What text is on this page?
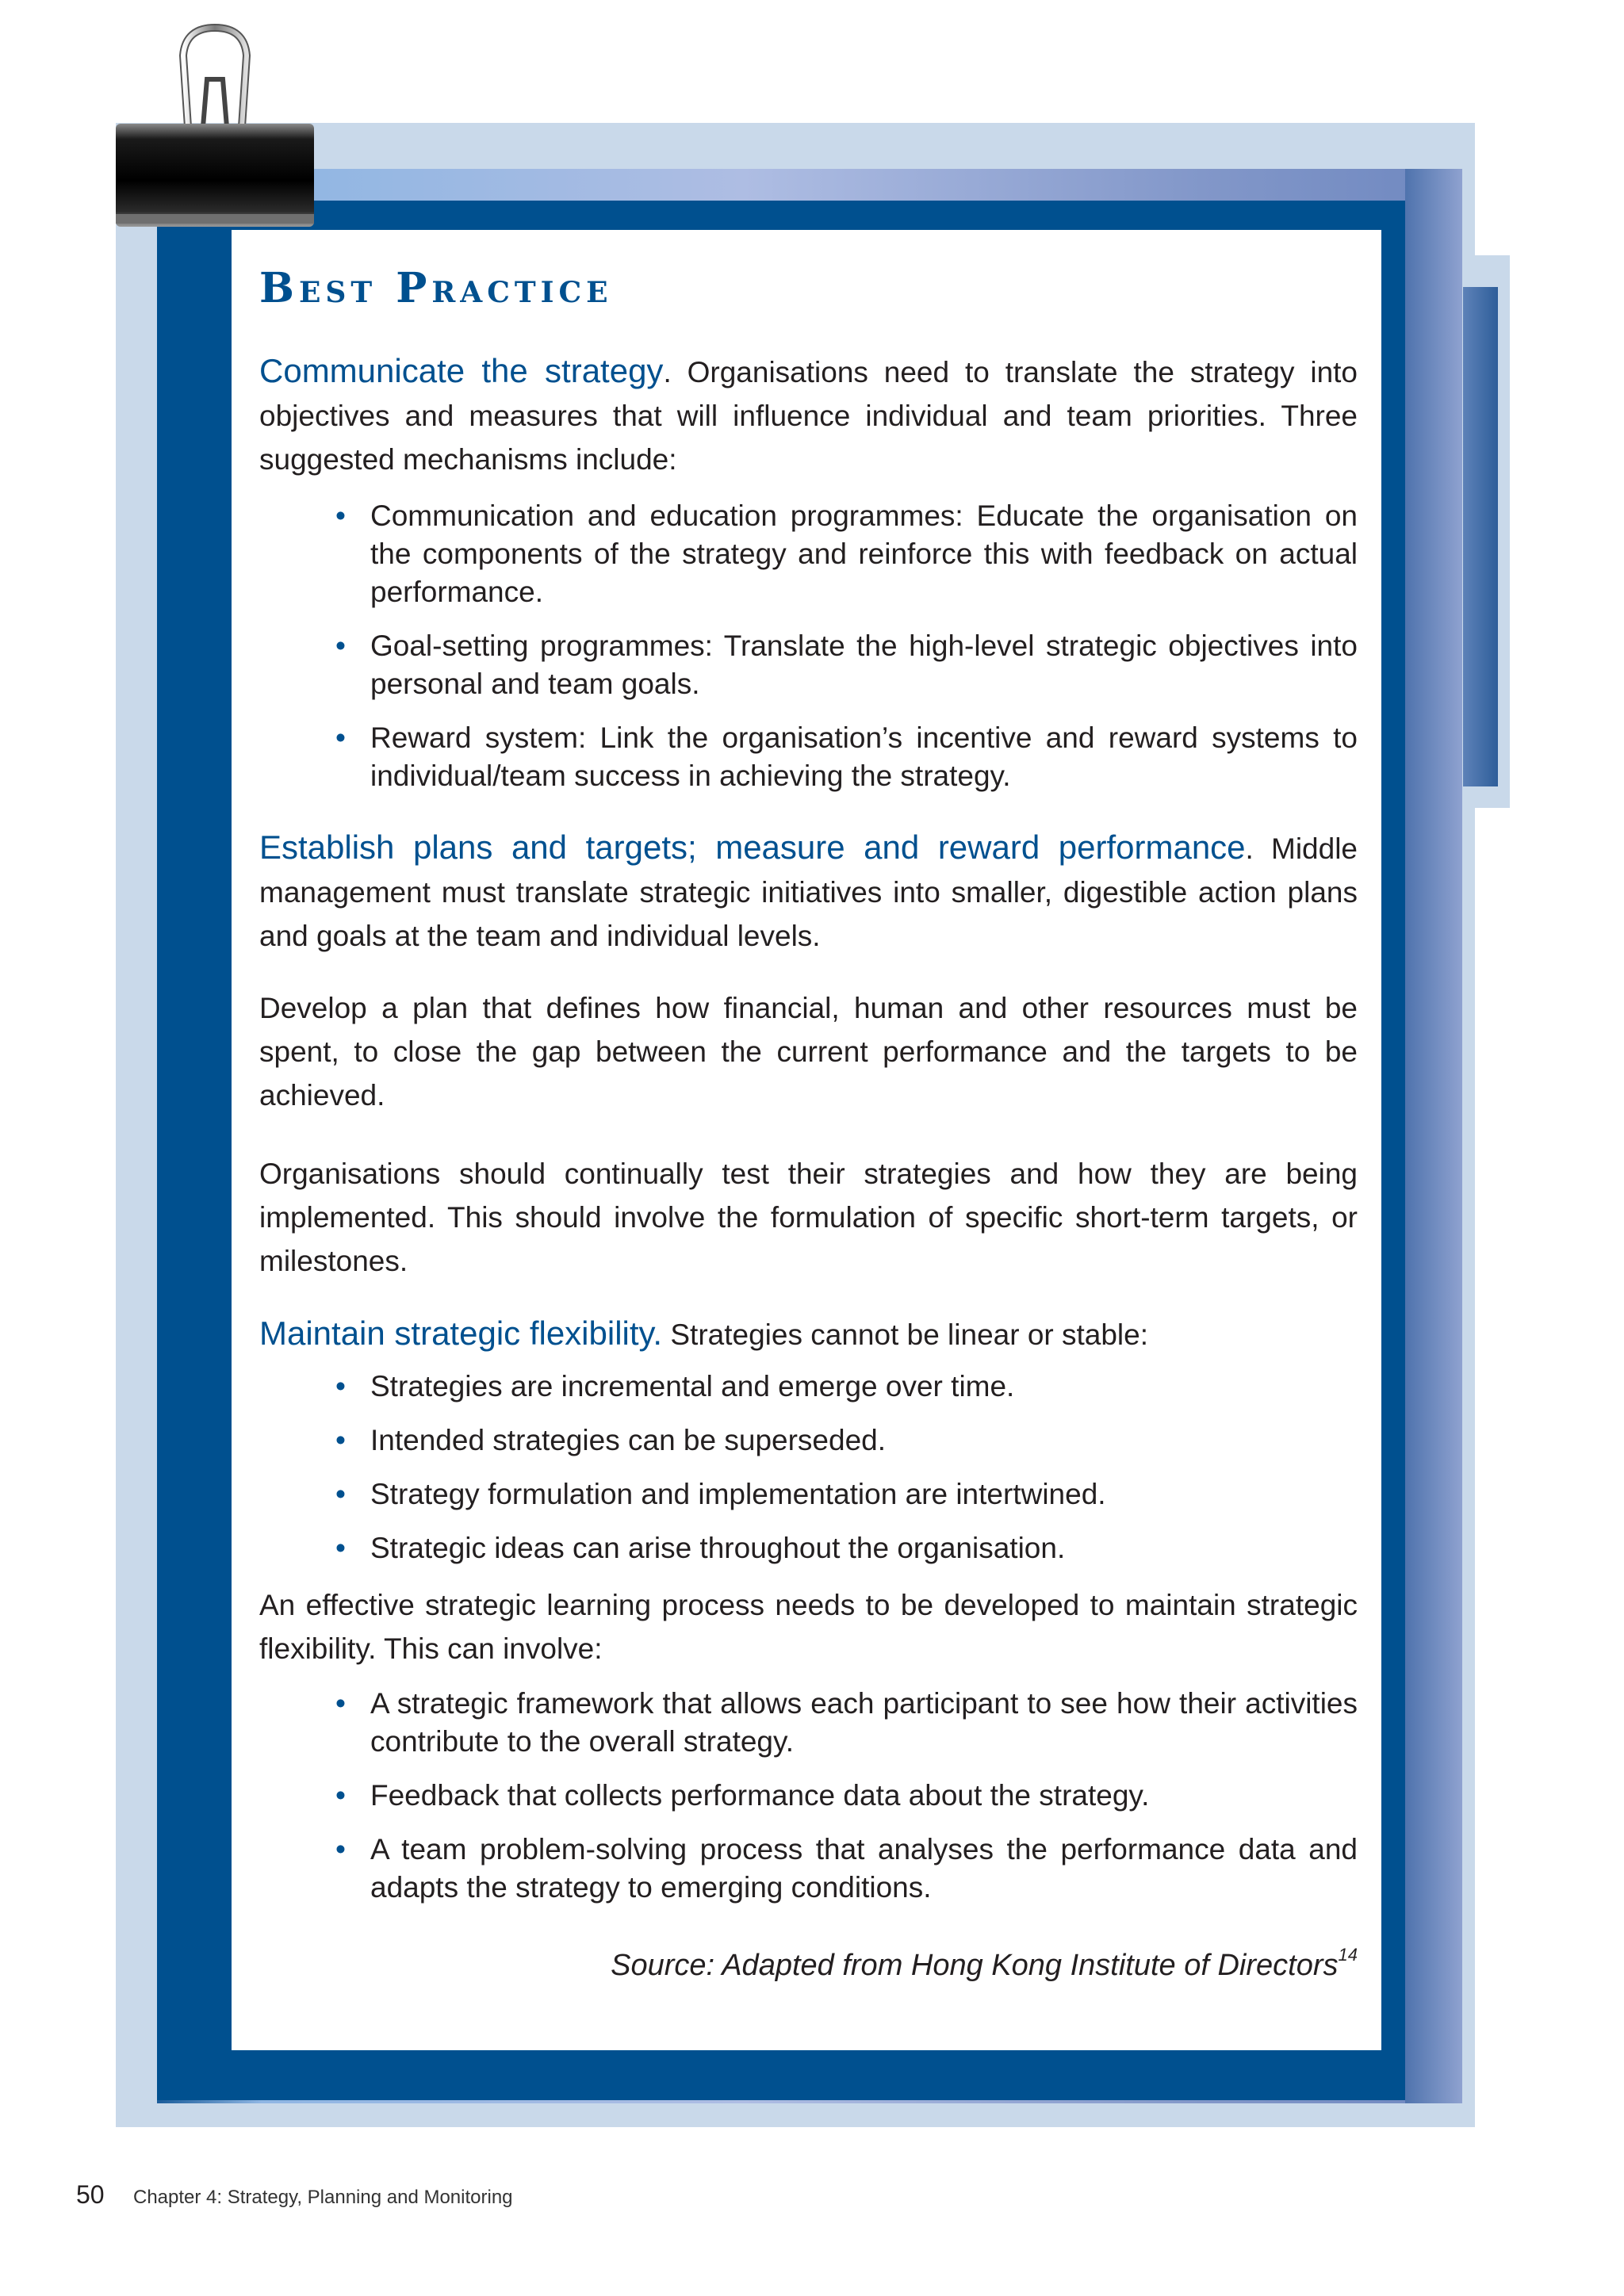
Best Practice

Communicate the strategy. Organisations need to translate the strategy into objectives and measures that will influence individual and team priorities. Three suggested mechanisms include:

• Communication and education programmes: Educate the organisation on the components of the strategy and reinforce this with feedback on actual performance.
• Goal-setting programmes: Translate the high-level strategic objectives into personal and team goals.
• Reward system: Link the organisation’s incentive and reward systems to individual/team success in achieving the strategy.

Establish plans and targets; measure and reward performance. Middle management must translate strategic initiatives into smaller, digestible action plans and goals at the team and individual levels.

Develop a plan that defines how financial, human and other resources must be spent, to close the gap between the current performance and the targets to be achieved.

Organisations should continually test their strategies and how they are being implemented. This should involve the formulation of specific short-term targets, or milestones.

Maintain strategic flexibility. Strategies cannot be linear or stable:

• Strategies are incremental and emerge over time.
• Intended strategies can be superseded.
• Strategy formulation and implementation are intertwined.
• Strategic ideas can arise throughout the organisation.

An effective strategic learning process needs to be developed to maintain strategic flexibility. This can involve:

• A strategic framework that allows each participant to see how their activities contribute to the overall strategy.
• Feedback that collects performance data about the strategy.
• A team problem-solving process that analyses the performance data and adapts the strategy to emerging conditions.
Source: Adapted from Hong Kong Institute of Directors$^{14}$
50 Chapter 4: Strategy, Planning and Monitoring
